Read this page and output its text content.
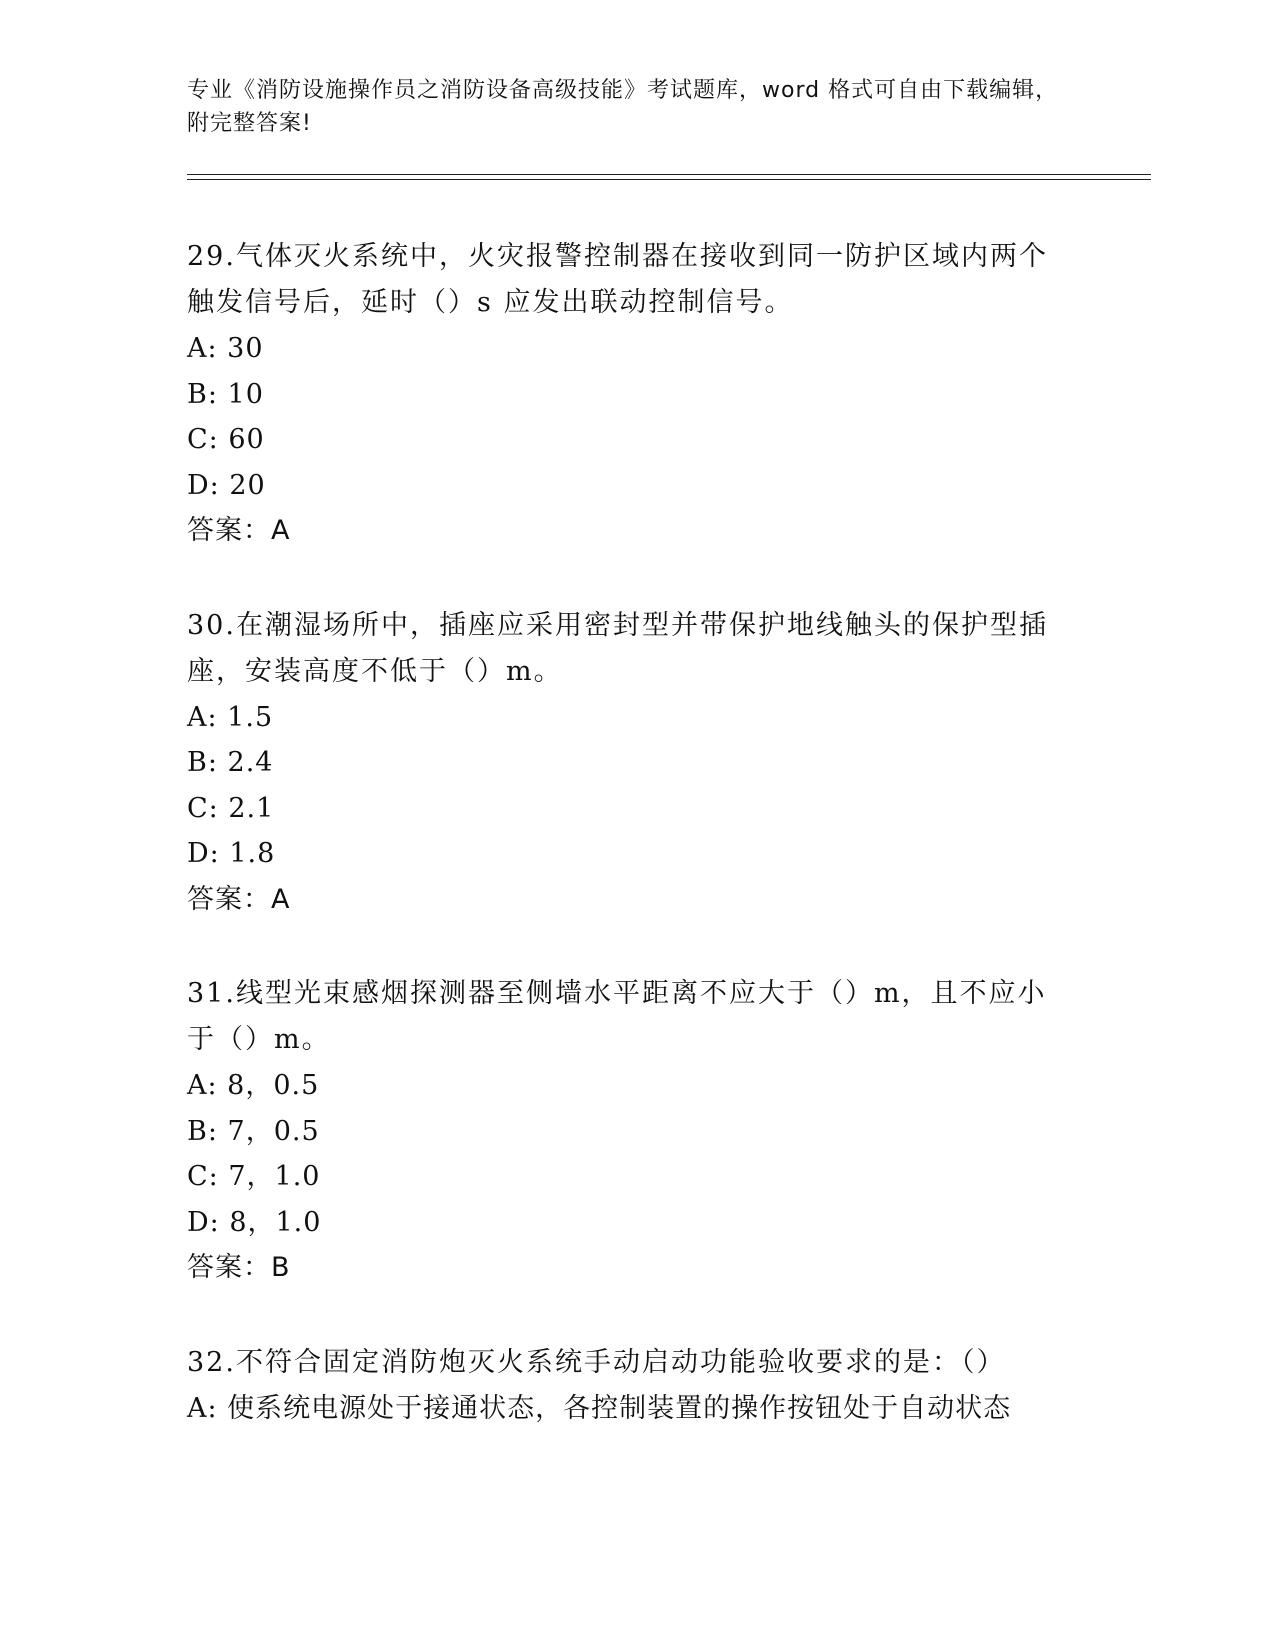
专业《消防设施操作员之消防设备高级技能》考试题库，word 格式可自由下载编辑，附完整答案!
29.气体灭火系统中，火灾报警控制器在接收到同一防护区域内两个触发信号后，延时（）s 应发出联动控制信号。
A: 30
B: 10
C: 60
D: 20
答案：A
30.在潮湿场所中，插座应采用密封型并带保护地线触头的保护型插座，安装高度不低于（）m。
A: 1.5
B: 2.4
C: 2.1
D: 1.8
答案：A
31.线型光束感烟探测器至侧墙水平距离不应大于（）m，且不应小于（）m。
A: 8，0.5
B: 7，0.5
C: 7，1.0
D: 8，1.0
答案：B
32.不符合固定消防炮灭火系统手动启动功能验收要求的是：（）
A: 使系统电源处于接通状态，各控制装置的操作按钮处于自动状态
